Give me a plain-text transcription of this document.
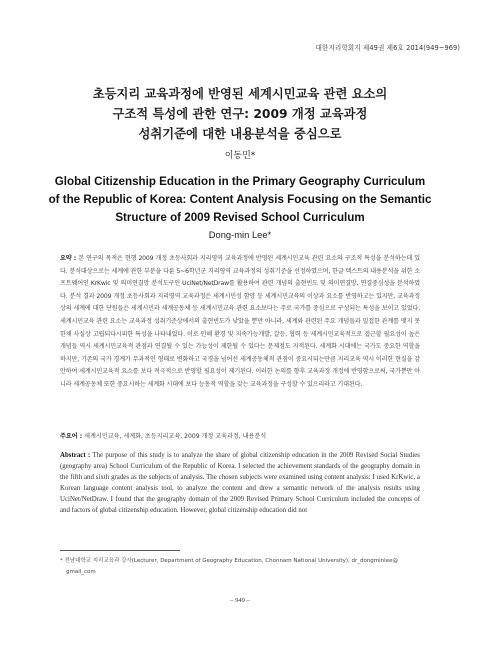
대한지리학회지 제49권 제6호 2014(949~969)
초등지리 교육과정에 반영된 세계시민교육 관련 요소의
구조적 특성에 관한 연구: 2009 개정 교육과정
성취기준에 대한 내용분석을 중심으로
이동민*
Global Citizenship Education in the Primary Geography Curriculum
of the Republic of Korea: Content Analysis Focusing on the Semantic
Structure of 2009 Revised School Curriculum
Dong-min Lee*
요약 : 본 연구의 목적은 현행 2009 개정 초등사회과 지리영역 교육과정에 반영된 세계시민교육 관련 요소의 구조적 특성을 분석하는데 있다. 분석대상으로는 세계에 관한 부분을 다룬 5~6학년군 지리영역 교육과정의 성취기준을 선정하였으며, 한글 텍스트의 내용분석을 위한 소프트웨어인 KrKwic 및 의미연결망 분석도구인 UciNet/NetDraw를 활용하여 관련 개념의 출현빈도 및 의미연결망, 연결중심성을 분석하였다. 분석 결과 2009 개정 초등사회과 지리영역 교육과정은 세계시민성 함양 등 세계시민교육의 이상과 요소를 반영하고는 있지만, 교육과정상의 세계에 대한 단원들은 세계시민과 세계공동체 등 세계시민교육 관련 요소보다는 주로 국가를 중심으로 구성되는 특성을 보이고 있었다. 세계시민교육 관련 요소는 교육과정 성취기준상에서의 출현빈도가 낮았을 뿐만 아니라, 세계와 관련된 주요 개념들과 밀접한 관계를 맺지 못한채 사실상 고립되다시피한 특성을 나타내었다. 이로 인해 환경 및 지속가능개발, 갈등, 협력 등 세계시민교육적으로 접근할 필요성이 높은 개념들 역시 세계시민교육적 관점과 연결될 수 있는 가능성이 제한될 수 있다는 문제점도 지적된다. 세계화 시대에는 국가도 중요한 역할을 하지만, 기존의 국가 경계가 무과적인 형태로 변화하고 국경을 넘어선 세계공동체적 관점이 중요시되는만큼 지리교육 역시 이러한 현실을 감안하여 세계시민교육적 요소를 보다 적극적으로 반영할 필요성이 제기된다. 이러한 논의를 향후 교육과정 개정에 반영함으로써, 국가뿐만 아니라 세계공동체 또한 중요시하는 세계화 시대에 보다 능동적 역할을 갖는 교육과정을 구성할 수 있으리라고 기대된다.
주요어 : 세계시민교육, 세계화, 초등지리교육, 2009 개정 교육과정, 내용분석
Abstract : The purpose of this study is to analyze the share of global citizenship education in the 2009 Revised Social Studies (geography area) School Curriculum of the Republic of Korea. I selected the achievement standards of the geography domain in the fifth and sixth grades as the subjects of analysis. The chosen subjects were examined using content analysis: I used KrKwic, a Korean language content analysis tool, to analyze the content and drew a semantic network of the analysis results using UciNet/NetDraw. I found that the geography domain of the 2009 Revised Primary School Curriculum included the concepts of and factors of global citizenship education. However, global citizenship education did not
* 전남대학교 지리교육과 강사(Lecturer, Department of Geography Education, Chonnam National University), dr_dongminlee@
gmail_com
– 949 –
